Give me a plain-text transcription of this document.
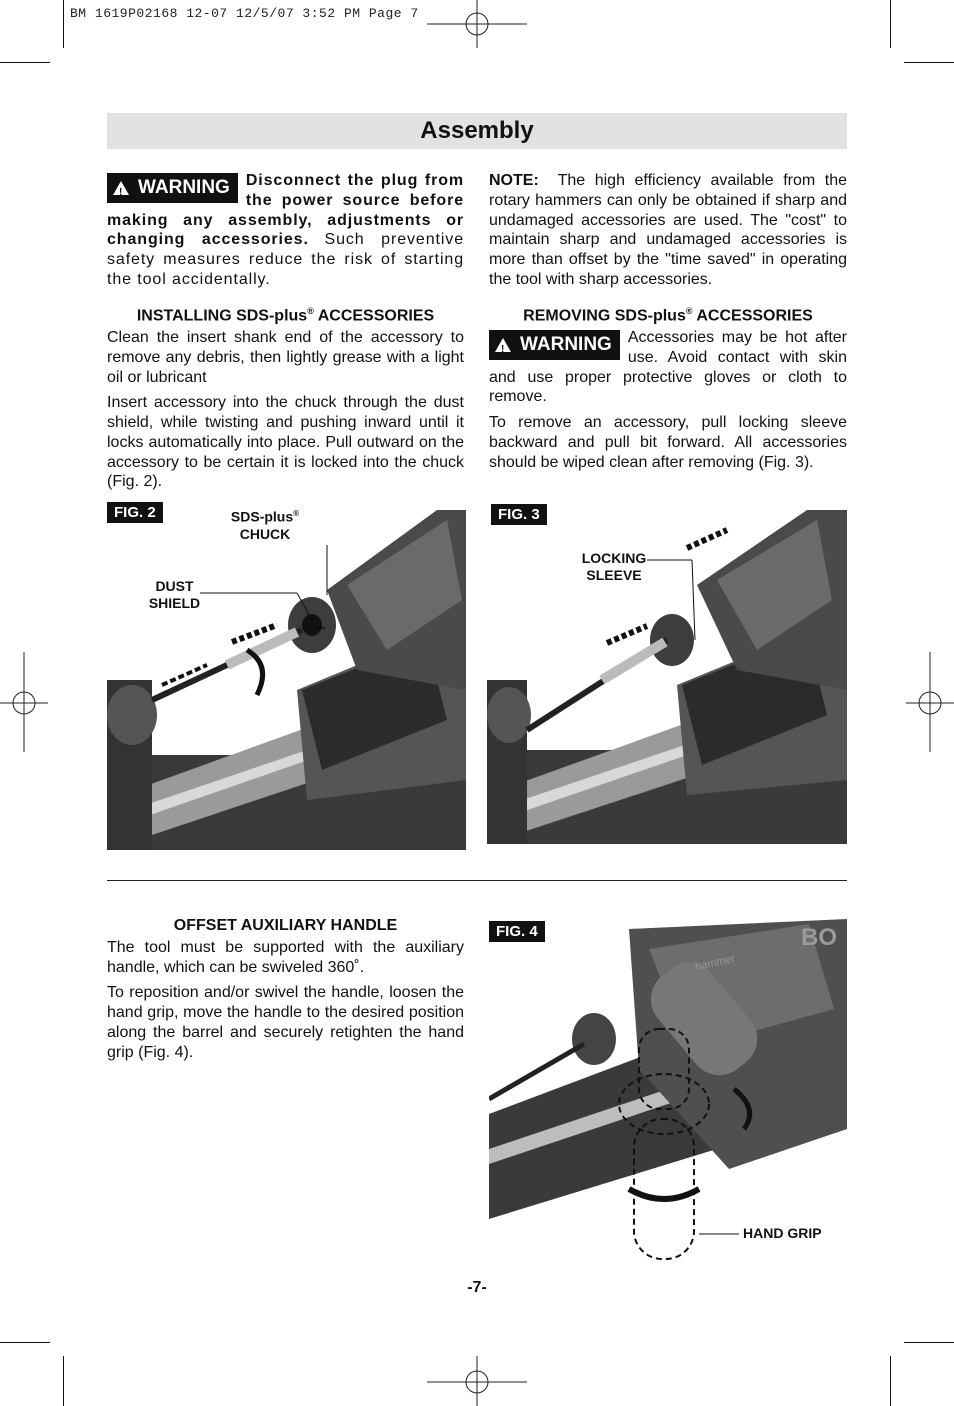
BM 1619P02168 12-07 12/5/07 3:52 PM Page 7
Assembly

!
WARNING Disconnect the plug from the power source before making any assembly, adjustments or changing accessories. Such preventive safety measures reduce the risk of starting the tool accidentally.

INSTALLING SDS-plus® ACCESSORIES

Clean the insert shank end of the accessory to remove any debris, then lightly grease with a light oil or lubricant

Insert accessory into the chuck through the dust shield, while twisting and pushing inward until it locks automatically into place. Pull outward on the accessory to be certain it is locked into the chuck (Fig. 2).

NOTE: The high efficiency available from the rotary hammers can only be obtained if sharp and undamaged accessories are used. The "cost" to maintain sharp and undamaged accessories is more than offset by the "time saved" in operating the tool with sharp accessories.

REMOVING SDS-plus® ACCESSORIES

!
WARNING Accessories may be hot after use. Avoid contact with skin and use proper protective gloves or cloth to remove.

To remove an accessory, pull locking sleeve backward and pull bit forward. All accessories should be wiped clean after removing (Fig. 3).

FIG. 2	SDS-plus®
CHUCK
DUST
SHIELD
FIG. 3
LOCKING
SLEEVE

OFFSET AUXILIARY HANDLE

The tool must be supported with the auxiliary handle, which can be swiveled 360˚.

To reposition and/or swivel the handle, loosen the hand grip, move the handle to the desired position along the barrel and securely retighten the hand grip (Fig. 4).

FIG. 4
HAND GRIP
BO
hammer
-7-
